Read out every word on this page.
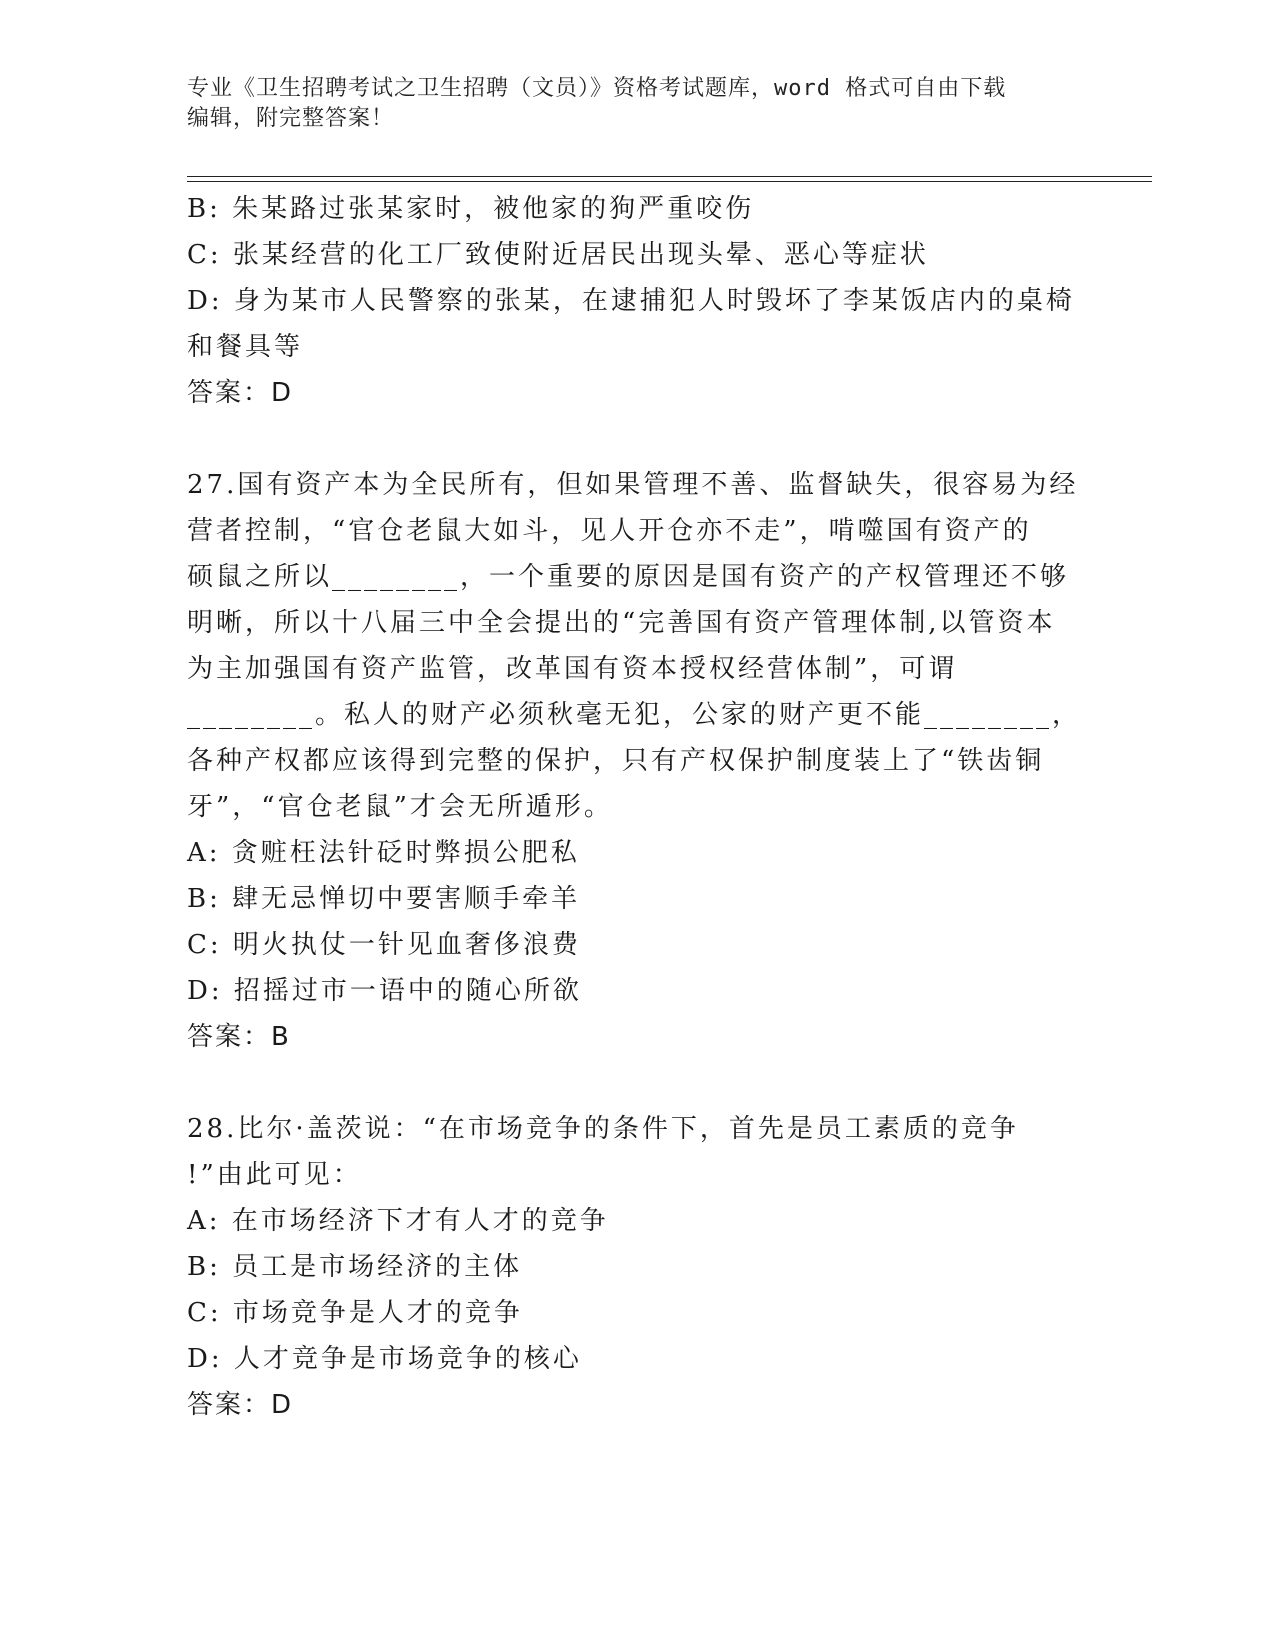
专业《卫生招聘考试之卫生招聘（文员）》资格考试题库，word 格式可自由下载
编辑，附完整答案！
B: 朱某路过张某家时，被他家的狗严重咬伤
C: 张某经营的化工厂致使附近居民出现头晕、恶心等症状
D: 身为某市人民警察的张某，在逮捕犯人时毁坏了李某饭店内的桌椅
和餐具等
答案：D
27.国有资产本为全民所有，但如果管理不善、监督缺失，很容易为经
营者控制，“官仓老鼠大如斗，见人开仓亦不走”，啃噬国有资产的
硕鼠之所以________，一个重要的原因是国有资产的产权管理还不够
明晰，所以十八届三中全会提出的“完善国有资产管理体制,以管资本
为主加强国有资产监管，改革国有资本授权经营体制”，可谓
________。私人的财产必须秋毫无犯，公家的财产更不能________，
各种产权都应该得到完整的保护，只有产权保护制度装上了“铁齿铜
牙”，“官仓老鼠”才会无所遁形。
A: 贪赃枉法针砭时弊损公肥私
B: 肆无忌惮切中要害顺手牵羊
C: 明火执仗一针见血奢侈浪费
D: 招摇过市一语中的随心所欲
答案：B
28.比尔·盖茨说：“在市场竞争的条件下，首先是员工素质的竞争
!”由此可见：
A: 在市场经济下才有人才的竞争
B: 员工是市场经济的主体
C: 市场竞争是人才的竞争
D: 人才竞争是市场竞争的核心
答案：D
